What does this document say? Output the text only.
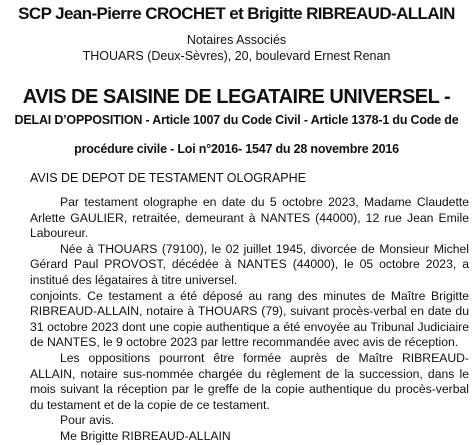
SCP Jean-Pierre CROCHET et Brigitte RIBREAUD-ALLAIN
Notaires Associés
THOUARS (Deux-Sèvres), 20, boulevard Ernest Renan
AVIS DE SAISINE DE LEGATAIRE UNIVERSEL -
DELAI D’OPPOSITION - Article 1007 du Code Civil - Article 1378-1 du Code de
procédure civile - Loi n°2016- 1547 du 28 novembre 2016
AVIS DE DEPOT DE TESTAMENT OLOGRAPHE

Par testament olographe en date du 5 octobre 2023, Madame Claudette Arlette GAULIER, retraitée, demeurant à NANTES (44000), 12 rue Jean Emile Laboureur.

Née à THOUARS (79100), le 02 juillet 1945, divorcée de Monsieur Michel Gérard Paul PROVOST, décédée à NANTES (44000), le 05 octobre 2023, a institué des légataires à titre universel.

conjoints. Ce testament a été déposé au rang des minutes de Maître Brigitte RIBREAUD-ALLAIN, notaire à THOUARS (79), suivant procès-verbal en date du 31 octobre 2023 dont une copie authentique a été envoyée au Tribunal Judiciaire de NANTES, le 9 octobre 2023 par lettre recommandée avec avis de réception.

Les oppositions pourront être formée auprès de Maître RIBREAUD-ALLAIN, notaire sus-nommée chargée du règlement de la succession, dans le mois suivant la réception par le greffe de la copie authentique du procès-verbal du testament et de la copie de ce testament.

Pour avis.

Me Brigitte RIBREAUD-ALLAIN
